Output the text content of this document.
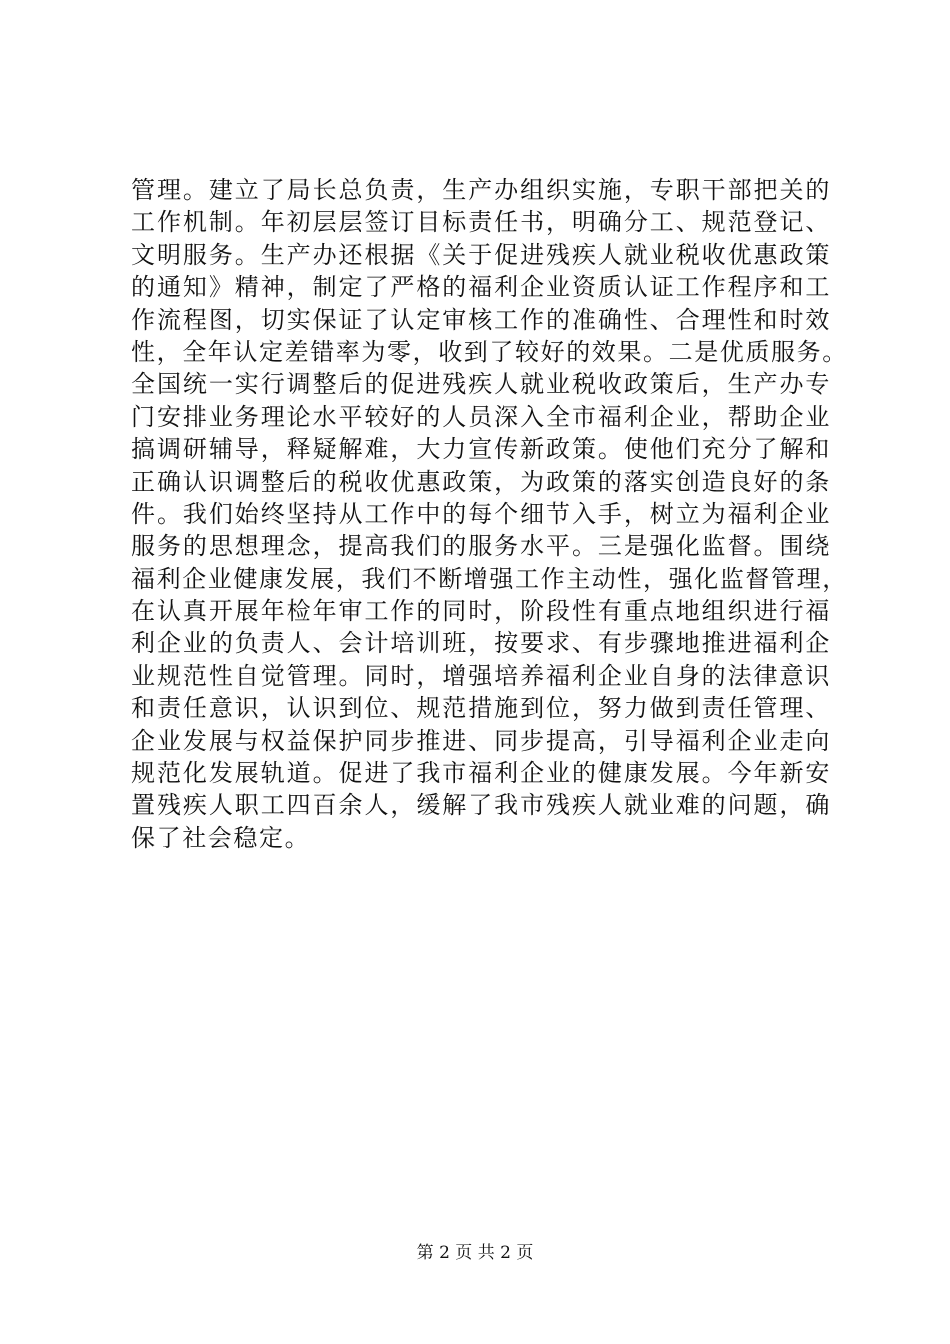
管理。建立了局长总负责，生产办组织实施，专职干部把关的
工作机制。年初层层签订目标责任书，明确分工、规范登记、
文明服务。生产办还根据《关于促进残疾人就业税收优惠政策
的通知》精神，制定了严格的福利企业资质认证工作程序和工
作流程图，切实保证了认定审核工作的准确性、合理性和时效
性，全年认定差错率为零，收到了较好的效果。二是优质服务。
全国统一实行调整后的促进残疾人就业税收政策后，生产办专
门安排业务理论水平较好的人员深入全市福利企业，帮助企业
搞调研辅导，释疑解难，大力宣传新政策。使他们充分了解和
正确认识调整后的税收优惠政策，为政策的落实创造良好的条
件。我们始终坚持从工作中的每个细节入手，树立为福利企业
服务的思想理念，提高我们的服务水平。三是强化监督。围绕
福利企业健康发展，我们不断增强工作主动性，强化监督管理，
在认真开展年检年审工作的同时，阶段性有重点地组织进行福
利企业的负责人、会计培训班，按要求、有步骤地推进福利企
业规范性自觉管理。同时，增强培养福利企业自身的法律意识
和责任意识，认识到位、规范措施到位，努力做到责任管理、
企业发展与权益保护同步推进、同步提高，引导福利企业走向
规范化发展轨道。促进了我市福利企业的健康发展。今年新安
置残疾人职工四百余人，缓解了我市残疾人就业难的问题，确
保了社会稳定。
第 2 页 共 2 页
